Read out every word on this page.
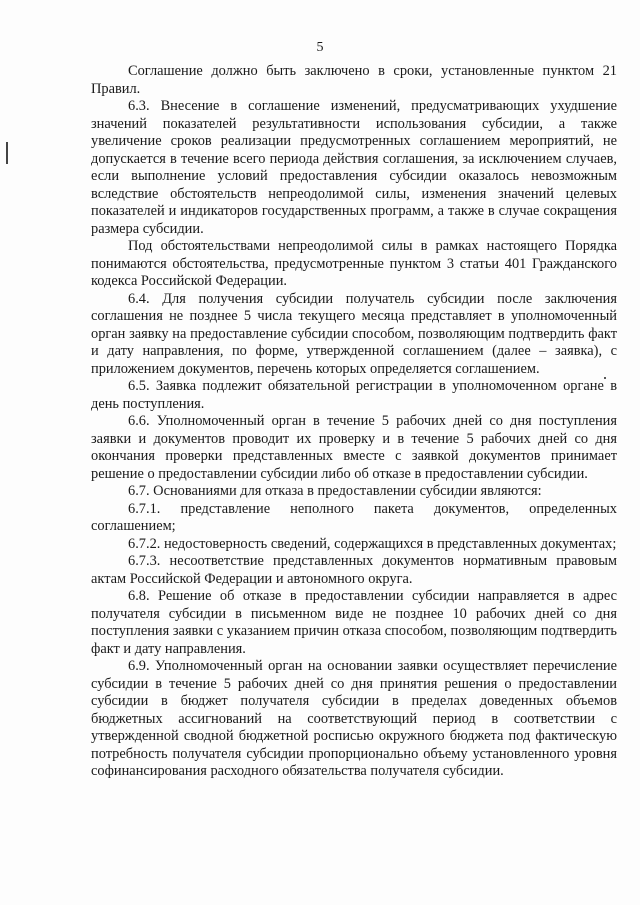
5

Соглашение должно быть заключено в сроки, установленные пунктом 21 Правил.

6.3. Внесение в соглашение изменений, предусматривающих ухудшение значений показателей результативности использования субсидии, а также увеличение сроков реализации предусмотренных соглашением мероприятий, не допускается в течение всего периода действия соглашения, за исключением случаев, если выполнение условий предоставления субсидии оказалось невозможным вследствие обстоятельств непреодолимой силы, изменения значений целевых показателей и индикаторов государственных программ, а также в случае сокращения размера субсидии.

Под обстоятельствами непреодолимой силы в рамках настоящего Порядка понимаются обстоятельства, предусмотренные пунктом 3 статьи 401 Гражданского кодекса Российской Федерации.

6.4. Для получения субсидии получатель субсидии после заключения соглашения не позднее 5 числа текущего месяца представляет в уполномоченный орган заявку на предоставление субсидии способом, позволяющим подтвердить факт и дату направления, по форме, утвержденной соглашением (далее – заявка), с приложением документов, перечень которых определяется соглашением.

6.5. Заявка подлежит обязательной регистрации в уполномоченном органе в день поступления.

6.6. Уполномоченный орган в течение 5 рабочих дней со дня поступления заявки и документов проводит их проверку и в течение 5 рабочих дней со дня окончания проверки представленных вместе с заявкой документов принимает решение о предоставлении субсидии либо об отказе в предоставлении субсидии.

6.7. Основаниями для отказа в предоставлении субсидии являются:

6.7.1. представление неполного пакета документов, определенных соглашением;

6.7.2. недостоверность сведений, содержащихся в представленных документах;

6.7.3. несоответствие представленных документов нормативным правовым актам Российской Федерации и автономного округа.

6.8. Решение об отказе в предоставлении субсидии направляется в адрес получателя субсидии в письменном виде не позднее 10 рабочих дней со дня поступления заявки с указанием причин отказа способом, позволяющим подтвердить факт и дату направления.

6.9. Уполномоченный орган на основании заявки осуществляет перечисление субсидии в течение 5 рабочих дней со дня принятия решения о предоставлении субсидии в бюджет получателя субсидии в пределах доведенных объемов бюджетных ассигнований на соответствующий период в соответствии с утвержденной сводной бюджетной росписью окружного бюджета под фактическую потребность получателя субсидии пропорционально объему установленного уровня софинансирования расходного обязательства получателя субсидии.
